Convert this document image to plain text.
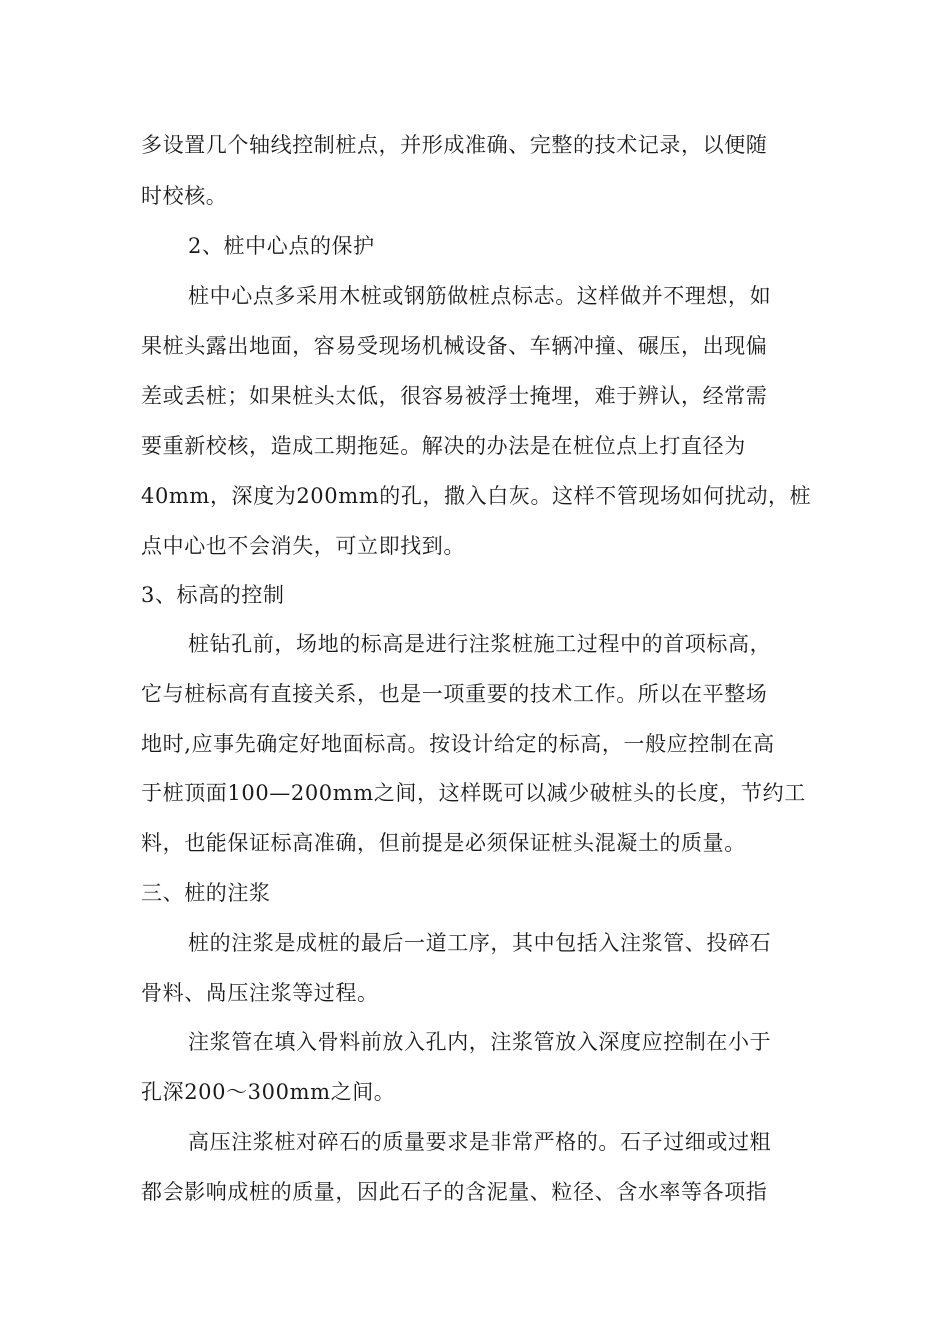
多设置几个轴线控制桩点，并形成准确、完整的技术记录，以便随
时校核。
2、桩中心点的保护
桩中心点多采用木桩或钢筋做桩点标志。这样做并不理想，如
果桩头露出地面，容易受现场机械设备、车辆冲撞、碾压，出现偏
差或丢桩；如果桩头太低，很容易被浮士掩埋，难于辨认，经常需
要重新校核，造成工期拖延。解决的办法是在桩位点上打直径为
40mm，深度为200mm的孔，撒入白灰。这样不管现场如何扰动，桩
点中心也不会消失，可立即找到。
3、标高的控制
桩钻孔前，场地的标高是进行注浆桩施工过程中的首项标高，
它与桩标高有直接关系，也是一项重要的技术工作。所以在平整场
地时,应事先确定好地面标高。按设计给定的标高，一般应控制在高
于桩顶面100—200mm之间，这样既可以减少破桩头的长度，节约工
料，也能保证标高准确，但前提是必须保证桩头混凝土的质量。
三、桩的注浆
桩的注浆是成桩的最后一道工序，其中包括入注浆管、投碎石
骨料、咼压注浆等过程。
注浆管在填入骨料前放入孔内，注浆管放入深度应控制在小于
孔深200〜300mm之间。
高压注浆桩对碎石的质量要求是非常严格的。石子过细或过粗
都会影响成桩的质量，因此石子的含泥量、粒径、含水率等各项指
